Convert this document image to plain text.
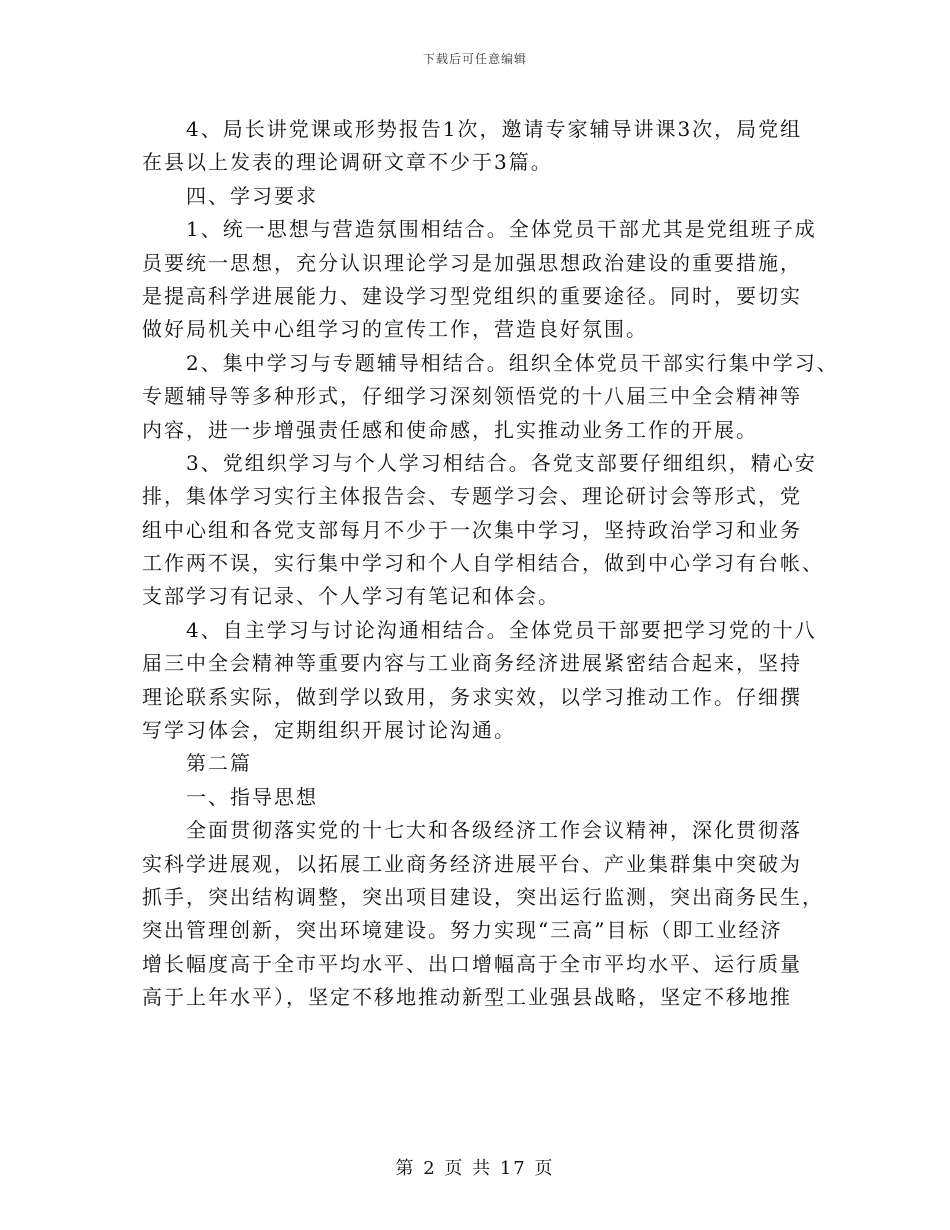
下载后可任意编辑
4、局长讲党课或形势报告1次，邀请专家辅导讲课3次，局党组
在县以上发表的理论调研文章不少于3篇。
四、学习要求
1、统一思想与营造氛围相结合。全体党员干部尤其是党组班子成
员要统一思想，充分认识理论学习是加强思想政治建设的重要措施，
是提高科学进展能力、建设学习型党组织的重要途径。同时，要切实
做好局机关中心组学习的宣传工作，营造良好氛围。
2、集中学习与专题辅导相结合。组织全体党员干部实行集中学习、
专题辅导等多种形式，仔细学习深刻领悟党的十八届三中全会精神等
内容，进一步增强责任感和使命感，扎实推动业务工作的开展。
3、党组织学习与个人学习相结合。各党支部要仔细组织，精心安
排，集体学习实行主体报告会、专题学习会、理论研讨会等形式，党
组中心组和各党支部每月不少于一次集中学习，坚持政治学习和业务
工作两不误，实行集中学习和个人自学相结合，做到中心学习有台帐、
支部学习有记录、个人学习有笔记和体会。
4、自主学习与讨论沟通相结合。全体党员干部要把学习党的十八
届三中全会精神等重要内容与工业商务经济进展紧密结合起来，坚持
理论联系实际，做到学以致用，务求实效，以学习推动工作。仔细撰
写学习体会，定期组织开展讨论沟通。
第二篇
一、指导思想
全面贯彻落实党的十七大和各级经济工作会议精神，深化贯彻落
实科学进展观，以拓展工业商务经济进展平台、产业集群集中突破为
抓手，突出结构调整，突出项目建设，突出运行监测，突出商务民生，
突出管理创新，突出环境建设。努力实现“三高”目标（即工业经济
增长幅度高于全市平均水平、出口增幅高于全市平均水平、运行质量
高于上年水平），坚定不移地推动新型工业强县战略，坚定不移地推
第 2 页 共 17 页
